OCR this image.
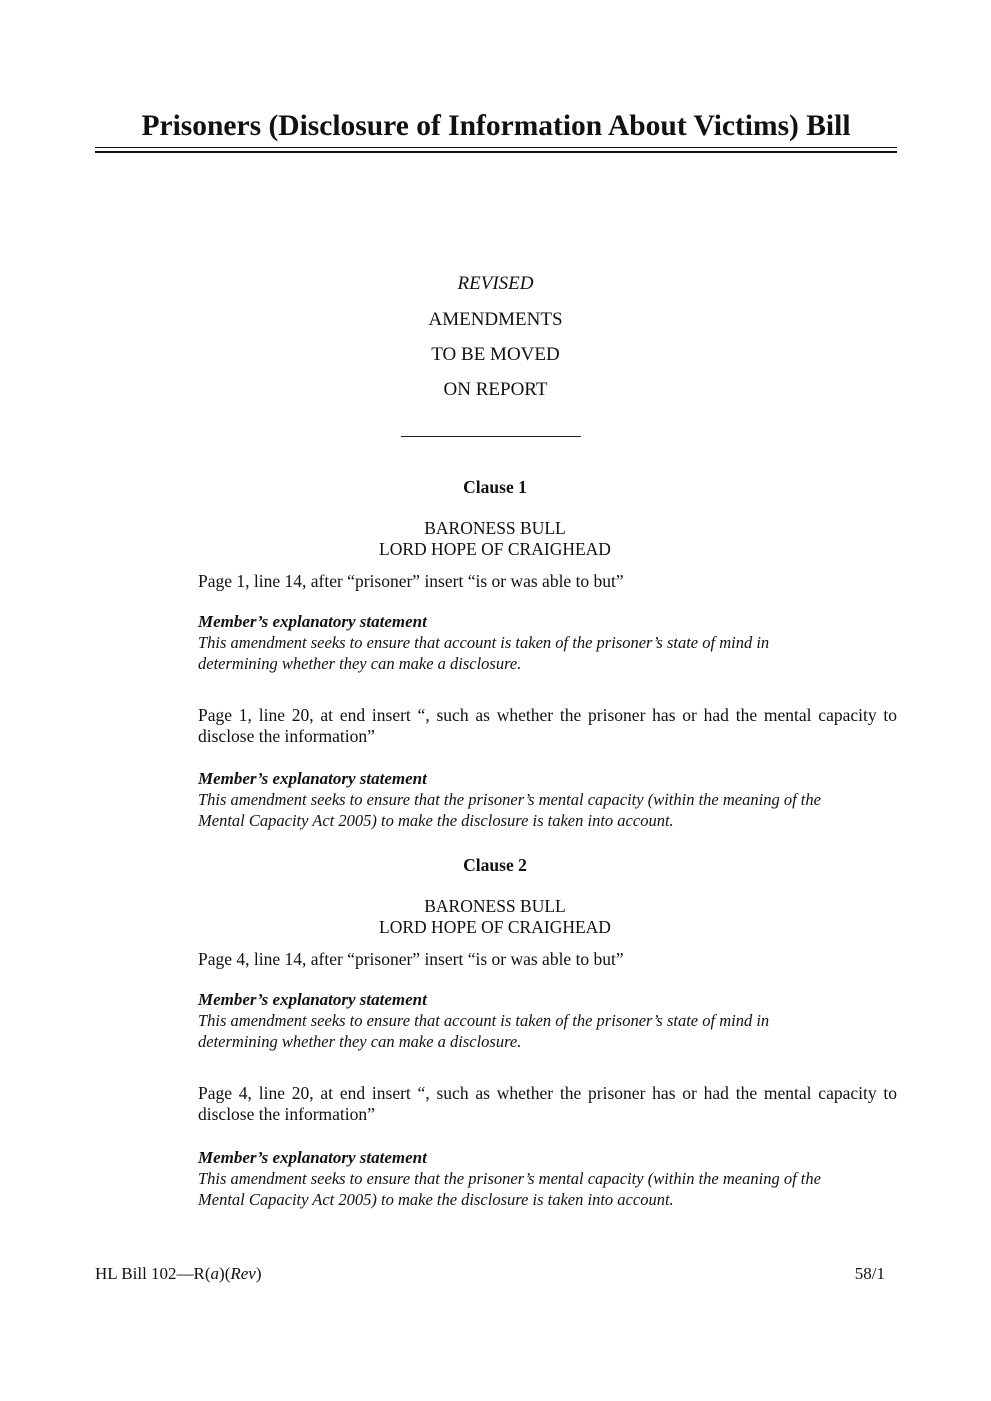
Prisoners (Disclosure of Information About Victims) Bill
REVISED
AMENDMENTS
TO BE MOVED
ON REPORT
Clause 1
BARONESS BULL
LORD HOPE OF CRAIGHEAD
Page 1, line 14, after “prisoner” insert “is or was able to but”
Member’s explanatory statement
This amendment seeks to ensure that account is taken of the prisoner’s state of mind in
determining whether they can make a disclosure.
Page 1, line 20, at end insert “, such as whether the prisoner has or had the mental capacity to disclose the information”
Member’s explanatory statement
This amendment seeks to ensure that the prisoner’s mental capacity (within the meaning of the
Mental Capacity Act 2005) to make the disclosure is taken into account.
Clause 2
BARONESS BULL
LORD HOPE OF CRAIGHEAD
Page 4, line 14, after “prisoner” insert “is or was able to but”
Member’s explanatory statement
This amendment seeks to ensure that account is taken of the prisoner’s state of mind in
determining whether they can make a disclosure.
Page 4, line 20, at end insert “, such as whether the prisoner has or had the mental capacity to disclose the information”
Member’s explanatory statement
This amendment seeks to ensure that the prisoner’s mental capacity (within the meaning of the
Mental Capacity Act 2005) to make the disclosure is taken into account.
HL Bill 102—R(a)(Rev)	58/1
